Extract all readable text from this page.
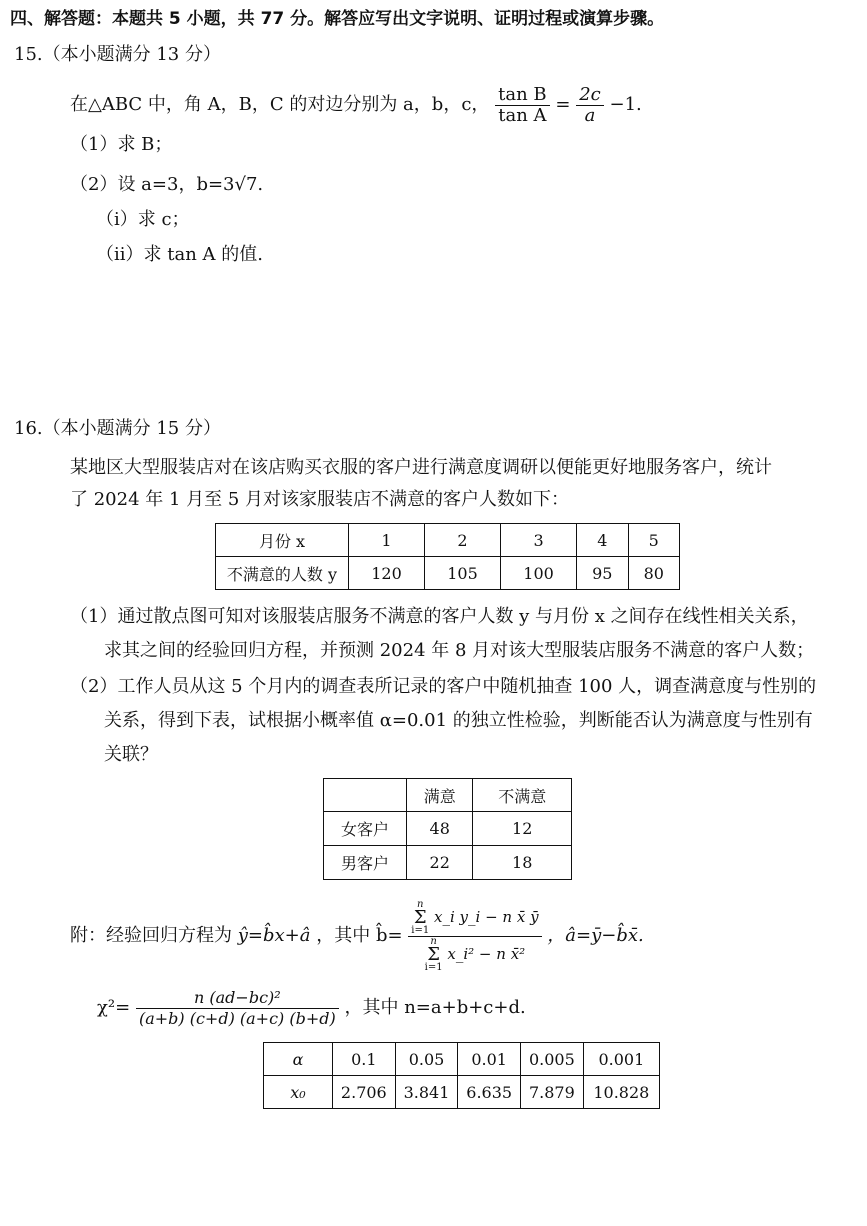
四、解答题：本题共 5 小题，共 77 分。解答应写出文字说明、证明过程或演算步骤。
15.（本小题满分 13 分）
在△ABC 中，角 A，B，C 的对边分别为 a，b，c， $\frac{\text{tan B}}{\text{tan A}} = \frac{2c}{a} -1$.
（1）求 B；
（2）设 a=3，b=3√7.
（ⅰ）求 c；
（ⅱ）求 tan A 的值.
16.（本小题满分 15 分）
某地区大型服装店对在该店购买衣服的客户进行满意度调研以便能更好地服务客户，统计
了 2024 年 1 月至 5 月对该家服装店不满意的客户人数如下：
月份 x	1	2	3	4	5
不满意的人数 y	120	105	100	95	80
（1）通过散点图可知对该服装店服务不满意的客户人数 y 与月份 x 之间存在线性相关关系，
求其之间的经验回归方程，并预测 2024 年 8 月对该大型服装店服务不满意的客户人数；
（2）工作人员从这 5 个月内的调查表所记录的客户中随机抽查 100 人，调查满意度与性别的
关系，得到下表，试根据小概率值 α=0.01 的独立性检验，判断能否认为满意度与性别有
关联？
	满意	不满意
女客户	48	12
男客户	22	18
附：经验回归方程为 ŷ=b̂x+â ，其中 b̂= n
Σ
i=1 x_i y_i − n x̄ ȳ
n
Σ
i=1 x_i² − n x̄² ，â=ȳ−b̂x̄.
$\chi^2= \frac{\text{n (ad−bc)²}}{(a+b) (c+d) (a+c) (b+d)}$ ，其中 n=a+b+c+d.
α	0.1	0.05	0.01	0.005	0.001
x₀	2.706	3.841	6.635	7.879	10.828
